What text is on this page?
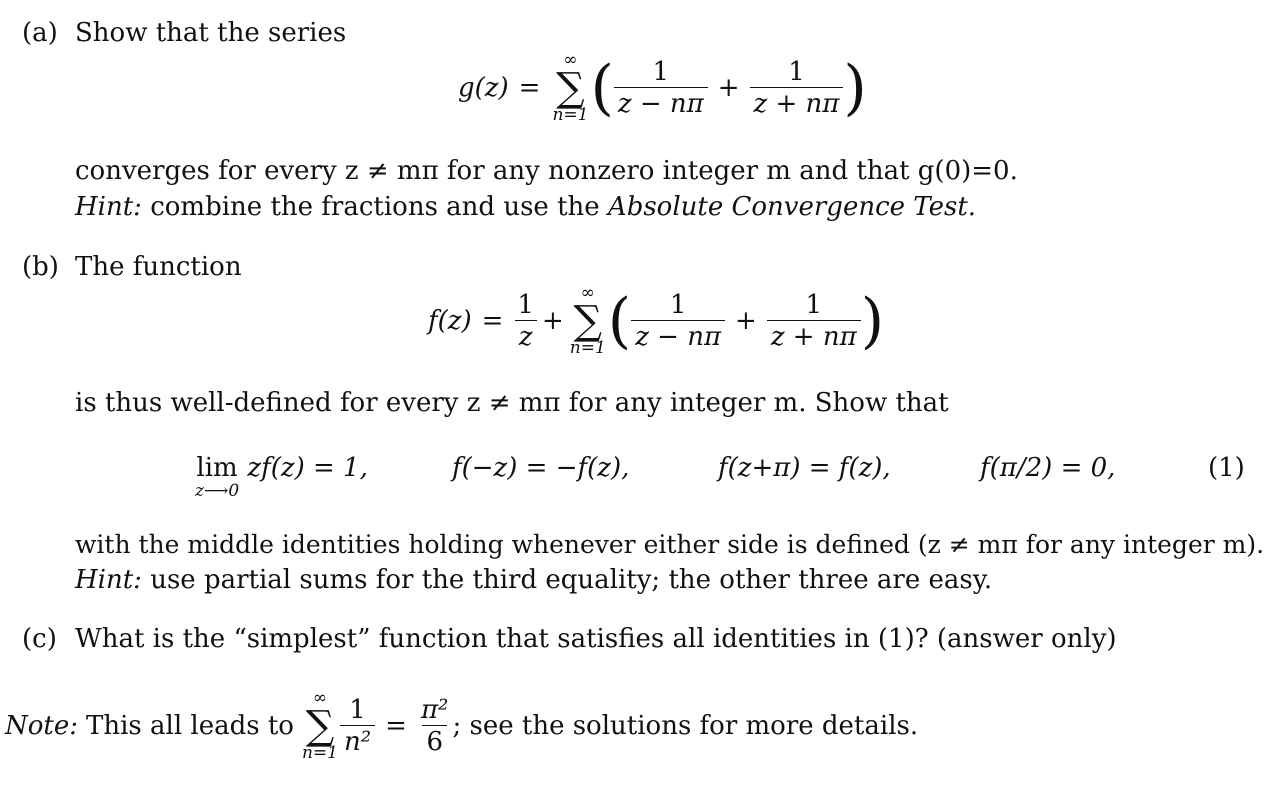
(a) Show that the series
g(z) =
∞
∑
n=1 ( $\frac{1}{z - n\pi} + \frac{1}{z + n\pi}$ )
converges for every z ≠ mπ for any nonzero integer m and that g(0)=0.
Hint: combine the fractions and use the Absolute Convergence Test.
(b) The function
$f(z) = \frac{1}{z}$ +
∞
∑
n=1 ( $\frac{1}{z - n\pi} + \frac{1}{z + n\pi}$ )
is thus well-defined for every z ≠ mπ for any integer m. Show that
lim
z⟶0
zf(z) = 1,	f(−z) = −f(z),	f(z+π) = f(z),	f(π/2) = 0,	(1)
with the middle identities holding whenever either side is defined (z ≠ mπ for any integer m).
Hint: use partial sums for the third equality; the other three are easy.
(c) What is the “simplest” function that satisfies all identities in (1)? (answer only)
Note: This all leads to
∞
∑
$n=1 \frac{1}{\text{n²}} = \frac{\text{π²}}{6}$ ; see the solutions for more details.
